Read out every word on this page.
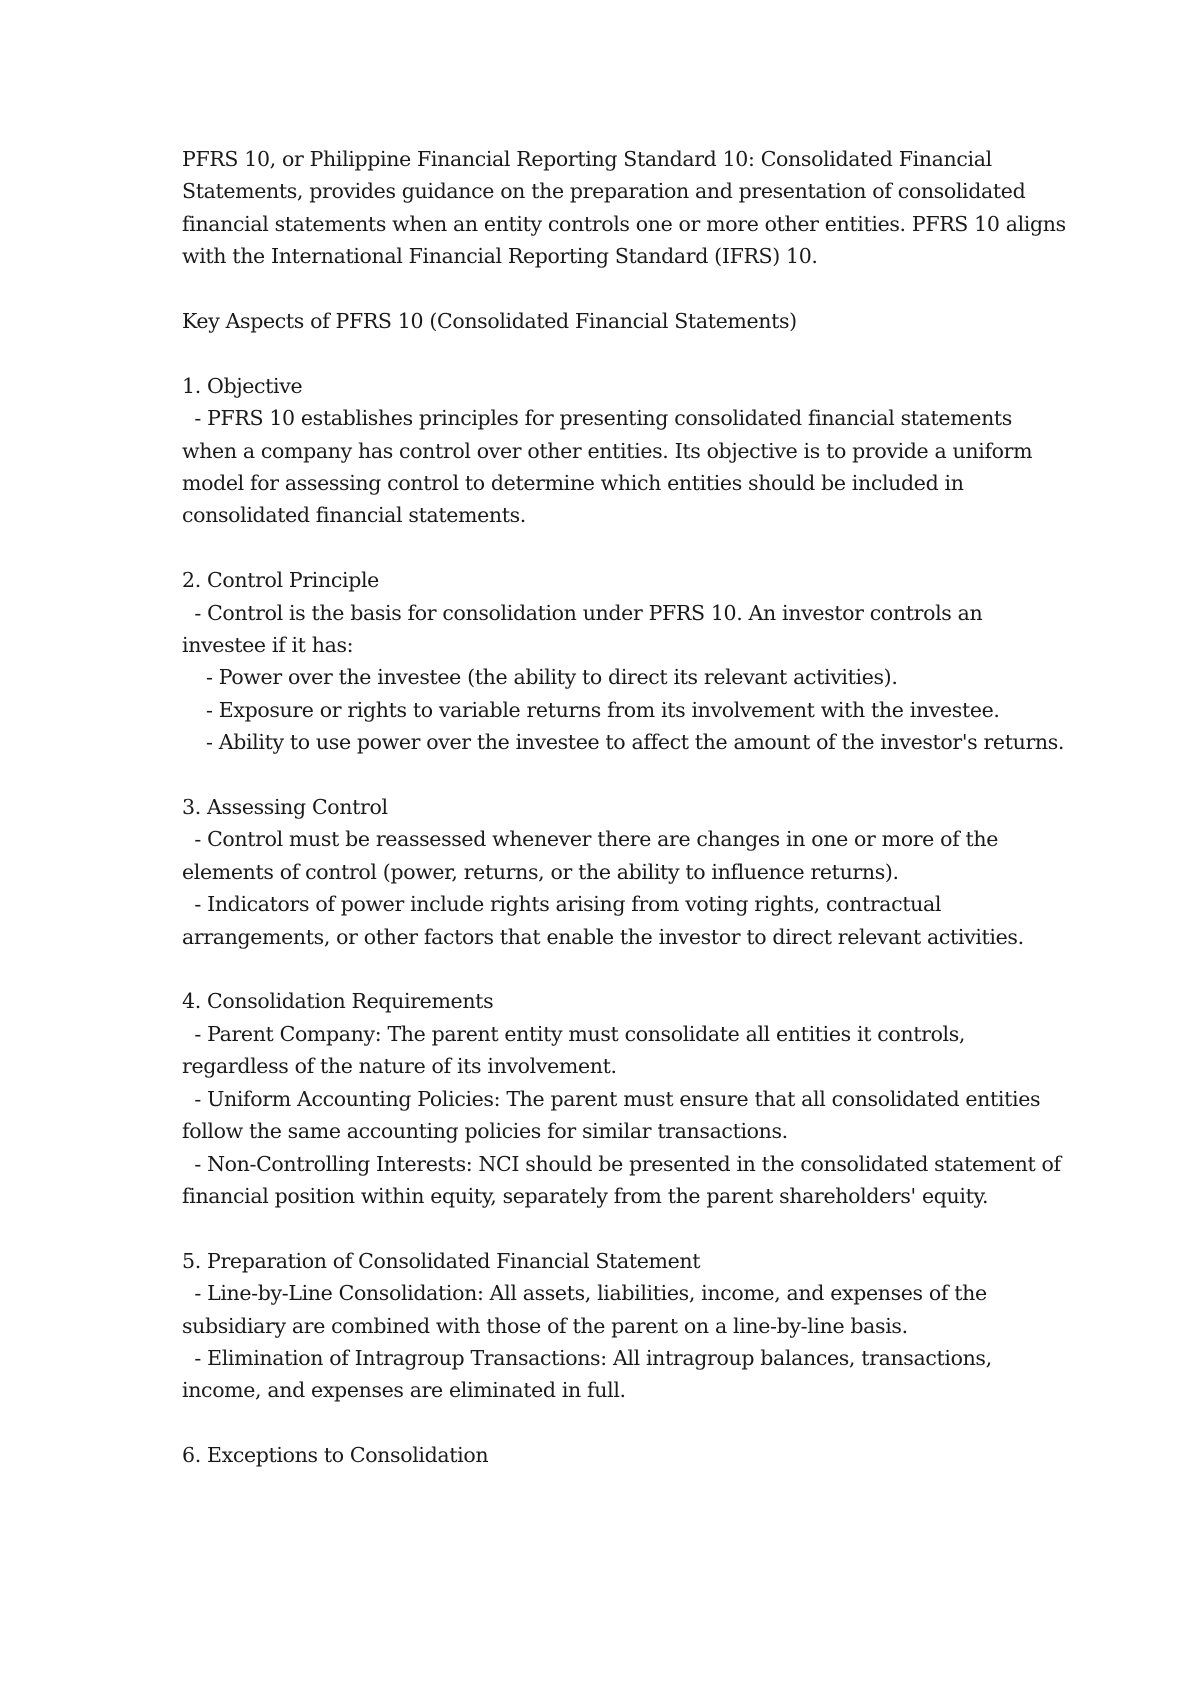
PFRS 10, or Philippine Financial Reporting Standard 10: Consolidated Financial
Statements, provides guidance on the preparation and presentation of consolidated
financial statements when an entity controls one or more other entities. PFRS 10 aligns
with the International Financial Reporting Standard (IFRS) 10.
Key Aspects of PFRS 10 (Consolidated Financial Statements)
1. Objective
- PFRS 10 establishes principles for presenting consolidated financial statements
when a company has control over other entities. Its objective is to provide a uniform
model for assessing control to determine which entities should be included in
consolidated financial statements.
2. Control Principle
- Control is the basis for consolidation under PFRS 10. An investor controls an
investee if it has:
- Power over the investee (the ability to direct its relevant activities).
- Exposure or rights to variable returns from its involvement with the investee.
- Ability to use power over the investee to affect the amount of the investor's returns.
3. Assessing Control
- Control must be reassessed whenever there are changes in one or more of the
elements of control (power, returns, or the ability to influence returns).
- Indicators of power include rights arising from voting rights, contractual
arrangements, or other factors that enable the investor to direct relevant activities.
4. Consolidation Requirements
- Parent Company: The parent entity must consolidate all entities it controls,
regardless of the nature of its involvement.
- Uniform Accounting Policies: The parent must ensure that all consolidated entities
follow the same accounting policies for similar transactions.
- Non-Controlling Interests: NCI should be presented in the consolidated statement of
financial position within equity, separately from the parent shareholders' equity.
5. Preparation of Consolidated Financial Statement
- Line-by-Line Consolidation: All assets, liabilities, income, and expenses of the
subsidiary are combined with those of the parent on a line-by-line basis.
- Elimination of Intragroup Transactions: All intragroup balances, transactions,
income, and expenses are eliminated in full.
6. Exceptions to Consolidation
